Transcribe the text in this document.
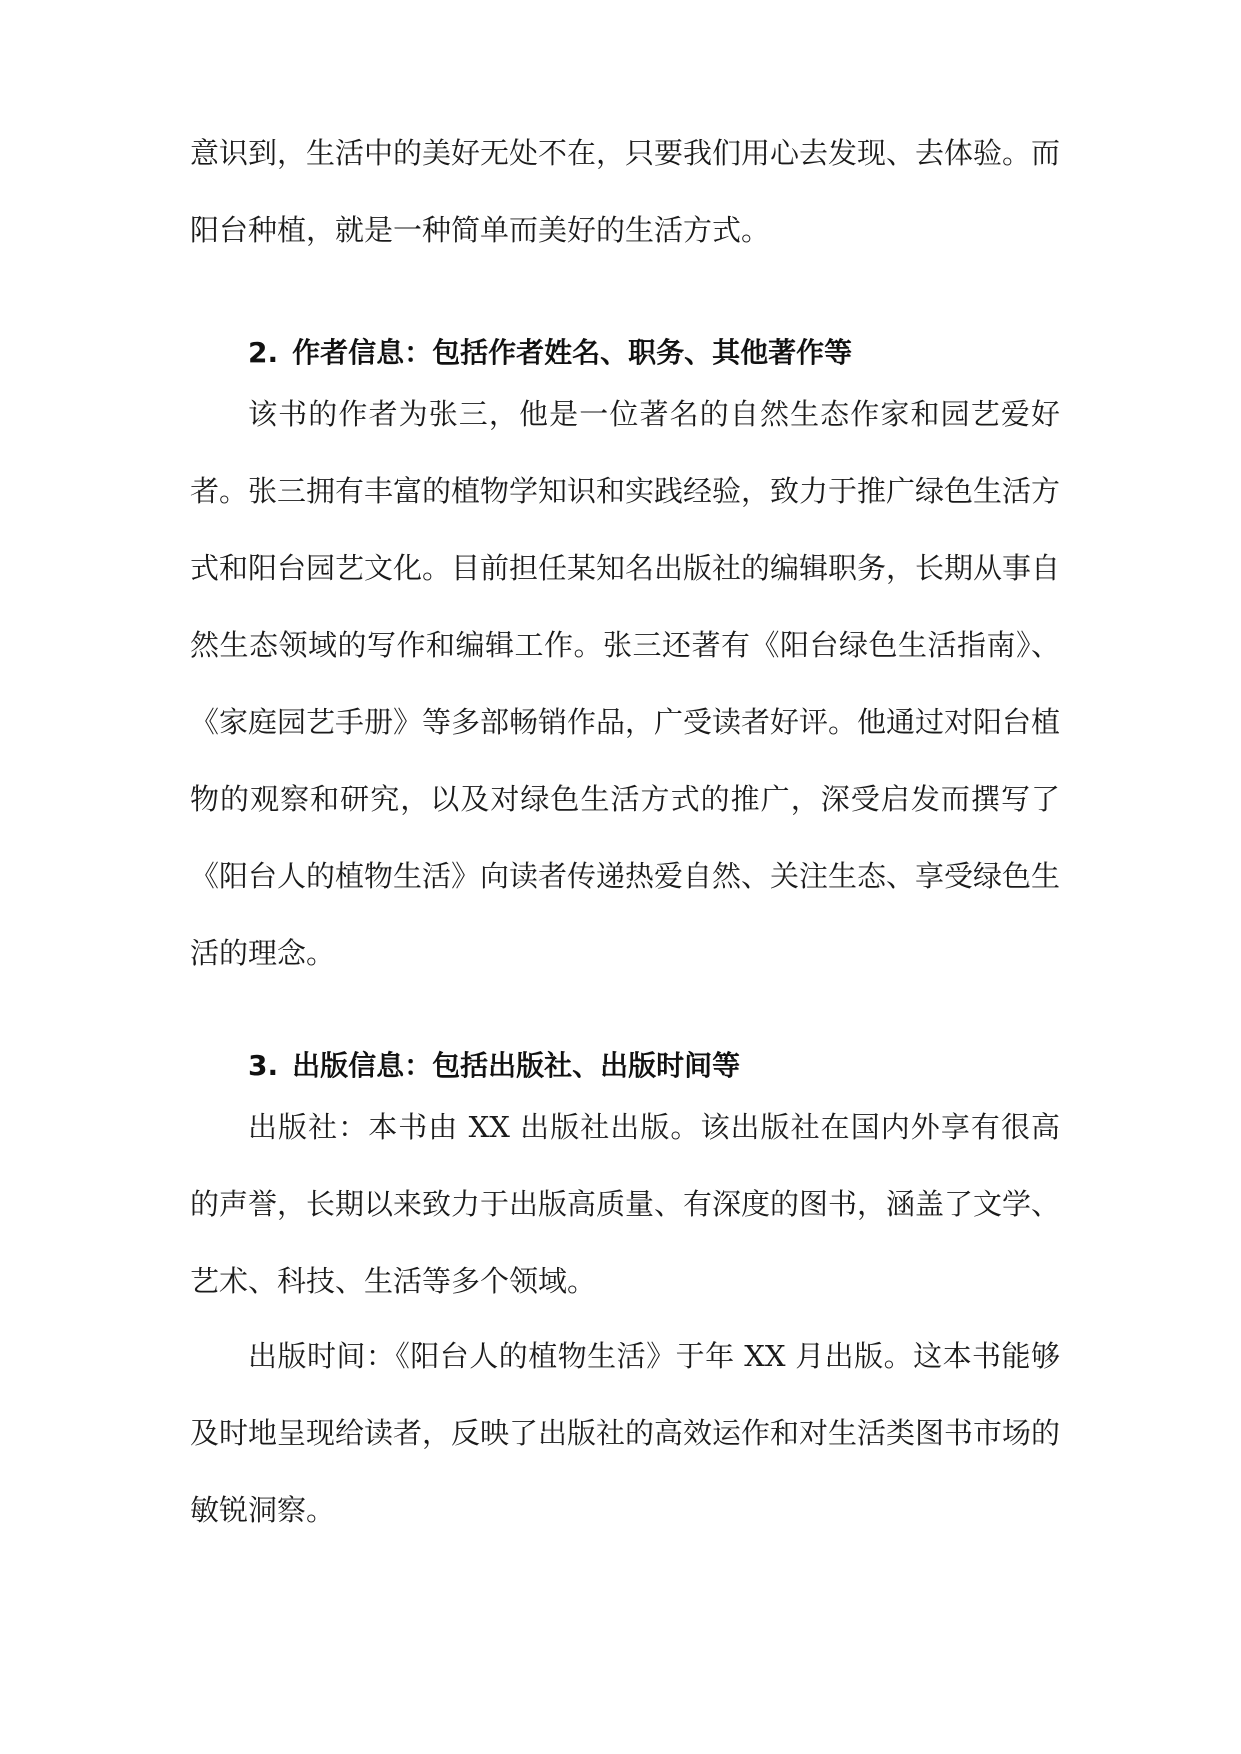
意识到，生活中的美好无处不在，只要我们用心去发现、去体验。而阳台种植，就是一种简单而美好的生活方式。

2. 作者信息：包括作者姓名、职务、其他著作等

该书的作者为张三，他是一位著名的自然生态作家和园艺爱好者。张三拥有丰富的植物学知识和实践经验，致力于推广绿色生活方式和阳台园艺文化。目前担任某知名出版社的编辑职务，长期从事自然生态领域的写作和编辑工作。张三还著有《阳台绿色生活指南》、《家庭园艺手册》等多部畅销作品，广受读者好评。他通过对阳台植物的观察和研究，以及对绿色生活方式的推广，深受启发而撰写了《阳台人的植物生活》向读者传递热爱自然、关注生态、享受绿色生活的理念。

3. 出版信息：包括出版社、出版时间等

出版社：本书由 XX 出版社出版。该出版社在国内外享有很高的声誉，长期以来致力于出版高质量、有深度的图书，涵盖了文学、艺术、科技、生活等多个领域。

出版时间：《阳台人的植物生活》于年 XX 月出版。这本书能够及时地呈现给读者，反映了出版社的高效运作和对生活类图书市场的敏锐洞察。
